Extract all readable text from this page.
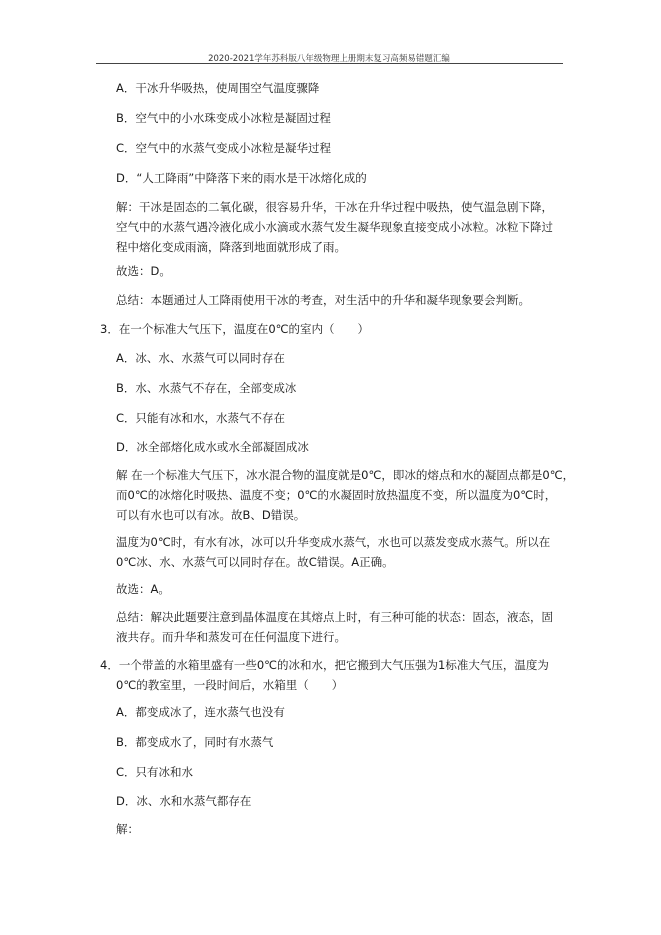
2020-2021学年苏科版八年级物理上册期末复习高频易错题汇编
A．干冰升华吸热，使周围空气温度骤降
B．空气中的小水珠变成小冰粒是凝固过程
C．空气中的水蒸气变成小冰粒是凝华过程
D．“人工降雨”中降落下来的雨水是干冰熔化成的
解：干冰是固态的二氧化碳，很容易升华，干冰在升华过程中吸热，使气温急剧下降，
空气中的水蒸气遇冷液化成小水滴或水蒸气发生凝华现象直接变成小冰粒。冰粒下降过
程中熔化变成雨滴，降落到地面就形成了雨。
故选：D。
总结：本题通过人工降雨使用干冰的考查，对生活中的升华和凝华现象要会判断。
3．在一个标准大气压下，温度在0℃的室内（　　）
A．冰、水、水蒸气可以同时存在
B．水、水蒸气不存在，全部变成冰
C．只能有冰和水，水蒸气不存在
D．冰全部熔化成水或水全部凝固成冰
解 在一个标准大气压下，冰水混合物的温度就是0℃，即冰的熔点和水的凝固点都是0℃，
而0℃的冰熔化时吸热、温度不变；0℃的水凝固时放热温度不变，所以温度为0℃时，
可以有水也可以有冰。故B、D错误。
温度为0℃时，有水有冰，冰可以升华变成水蒸气，水也可以蒸发变成水蒸气。所以在
0℃冰、水、水蒸气可以同时存在。故C错误。A正确。
故选：A。
总结：解决此题要注意到晶体温度在其熔点上时，有三种可能的状态：固态，液态，固
液共存。而升华和蒸发可在任何温度下进行。
4．一个带盖的水箱里盛有一些0℃的冰和水，把它搬到大气压强为1标准大气压，温度为
0℃的教室里，一段时间后，水箱里（　　）
A．都变成冰了，连水蒸气也没有
B．都变成水了，同时有水蒸气
C．只有冰和水
D．冰、水和水蒸气都存在
解：
